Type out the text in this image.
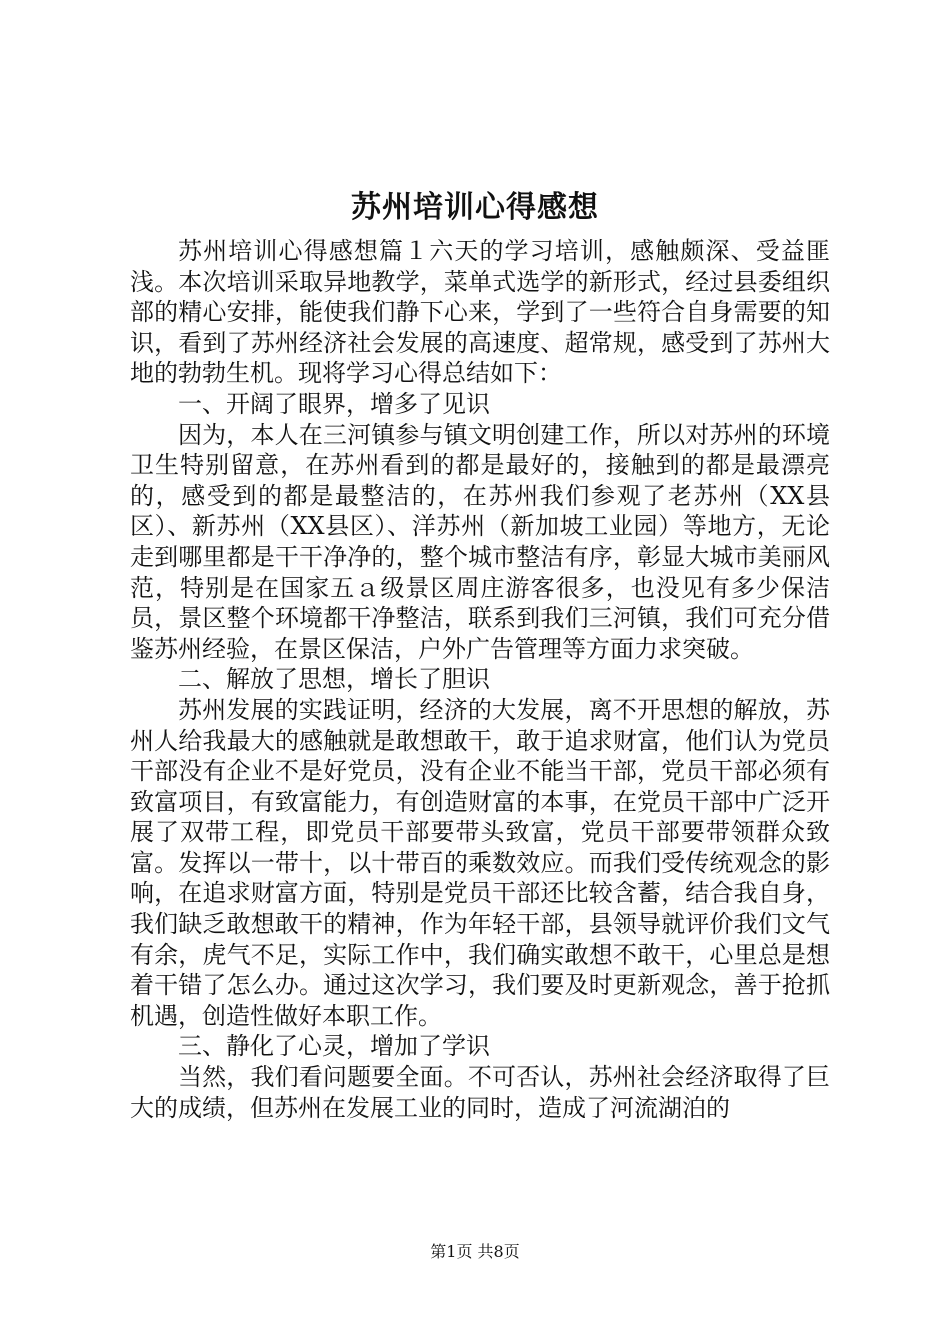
苏州培训心得感想

苏州培训心得感想篇１六天的学习培训，感触颇深、受益匪浅。本次培训采取异地教学，菜单式选学的新形式，经过县委组织部的精心安排，能使我们静下心来，学到了一些符合自身需要的知识，看到了苏州经济社会发展的高速度、超常规，感受到了苏州大地的勃勃生机。现将学习心得总结如下：

一、开阔了眼界，增多了见识

因为，本人在三河镇参与镇文明创建工作，所以对苏州的环境卫生特别留意，在苏州看到的都是最好的，接触到的都是最漂亮的，感受到的都是最整洁的，在苏州我们参观了老苏州（XX县区）、新苏州（XX县区）、洋苏州（新加坡工业园）等地方，无论走到哪里都是干干净净的，整个城市整洁有序，彰显大城市美丽风范，特别是在国家五ａ级景区周庄游客很多，也没见有多少保洁员，景区整个环境都干净整洁，联系到我们三河镇，我们可充分借鉴苏州经验，在景区保洁，户外广告管理等方面力求突破。

二、解放了思想，增长了胆识

苏州发展的实践证明，经济的大发展，离不开思想的解放，苏州人给我最大的感触就是敢想敢干，敢于追求财富，他们认为党员干部没有企业不是好党员，没有企业不能当干部，党员干部必须有致富项目，有致富能力，有创造财富的本事，在党员干部中广泛开展了双带工程，即党员干部要带头致富，党员干部要带领群众致富。发挥以一带十，以十带百的乘数效应。而我们受传统观念的影响，在追求财富方面，特别是党员干部还比较含蓄，结合我自身，我们缺乏敢想敢干的精神，作为年轻干部，县领导就评价我们文气有余，虎气不足，实际工作中，我们确实敢想不敢干，心里总是想着干错了怎么办。通过这次学习，我们要及时更新观念，善于抢抓机遇，创造性做好本职工作。

三、静化了心灵，增加了学识

当然，我们看问题要全面。不可否认，苏州社会经济取得了巨大的成绩，但苏州在发展工业的同时，造成了河流湖泊的

第1页 共8页
